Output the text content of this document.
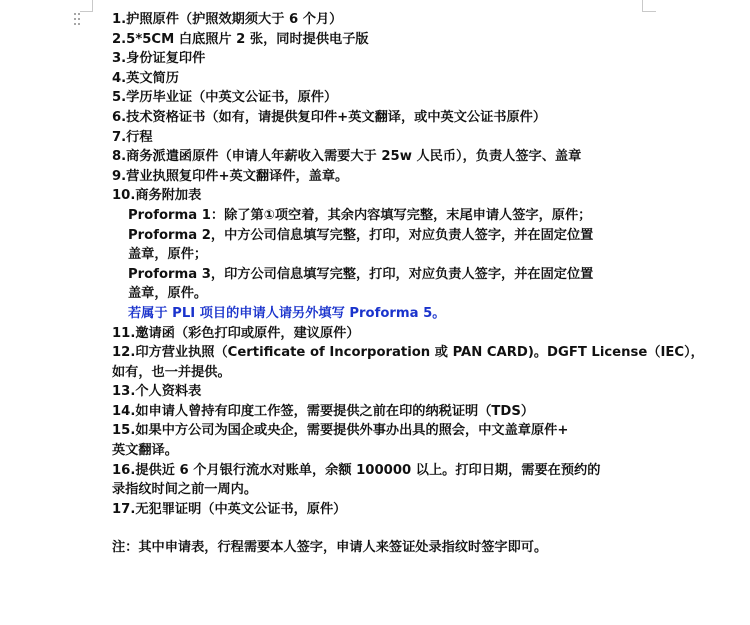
1.护照原件（护照效期须大于 6 个月）
2.5*5CM 白底照片 2 张，同时提供电子版
3.身份证复印件
4.英文简历
5.学历毕业证（中英文公证书，原件）
6.技术资格证书（如有，请提供复印件+英文翻译，或中英文公证书原件）
7.行程
8.商务派遣函原件（申请人年薪收入需要大于 25w 人民币），负责人签字、盖章
9.营业执照复印件+英文翻译件，盖章。
10.商务附加表
Proforma 1：除了第①项空着，其余内容填写完整，末尾申请人签字，原件；
Proforma 2，中方公司信息填写完整，打印，对应负责人签字，并在固定位置
盖章，原件；
Proforma 3，印方公司信息填写完整，打印，对应负责人签字，并在固定位置
盖章，原件。
若属于 PLI 项目的申请人请另外填写 Proforma 5。
11.邀请函（彩色打印或原件，建议原件）
12.印方营业执照（Certificate of Incorporation 或 PAN CARD)。DGFT License（IEC），
如有，也一并提供。
13.个人资料表
14.如申请人曾持有印度工作签，需要提供之前在印的纳税证明（TDS）
15.如果中方公司为国企或央企，需要提供外事办出具的照会，中文盖章原件+
英文翻译。
16.提供近 6 个月银行流水对账单，余额 100000 以上。打印日期，需要在预约的
录指纹时间之前一周内。
17.无犯罪证明（中英文公证书，原件）
注：其中申请表，行程需要本人签字，申请人来签证处录指纹时签字即可。
